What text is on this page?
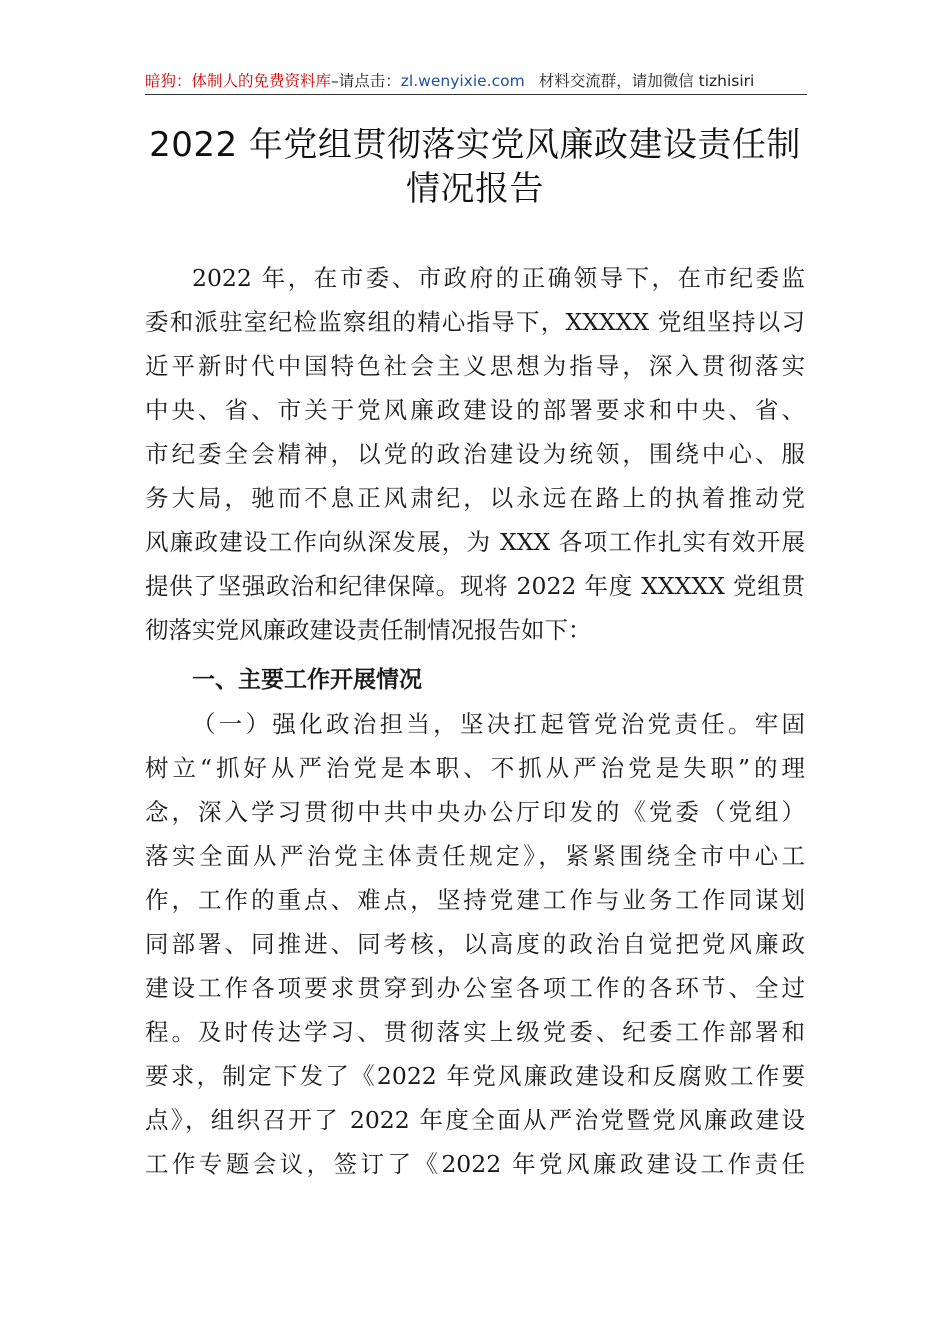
暗狗：体制人的免费资料库–请点击：zl.wenyixie.com 材料交流群，请加微信 tizhisiri
2022 年党组贯彻落实党风廉政建设责任制
情况报告
2022 年，在市委、市政府的正确领导下，在市纪委监
委和派驻室纪检监察组的精心指导下，XXXXX 党组坚持以习
近平新时代中国特色社会主义思想为指导，深入贯彻落实
中央、省、市关于党风廉政建设的部署要求和中央、省、
市纪委全会精神，以党的政治建设为统领，围绕中心、服
务大局，驰而不息正风肃纪，以永远在路上的执着推动党
风廉政建设工作向纵深发展，为 XXX 各项工作扎实有效开展
提供了坚强政治和纪律保障。现将 2022 年度 XXXXX 党组贯
彻落实党风廉政建设责任制情况报告如下：
一、主要工作开展情况
（一）强化政治担当，坚决扛起管党治党责任。牢固
树立“抓好从严治党是本职、不抓从严治党是失职”的理
念，深入学习贯彻中共中央办公厅印发的《党委（党组）
落实全面从严治党主体责任规定》，紧紧围绕全市中心工
作，工作的重点、难点，坚持党建工作与业务工作同谋划
同部署、同推进、同考核，以高度的政治自觉把党风廉政
建设工作各项要求贯穿到办公室各项工作的各环节、全过
程。及时传达学习、贯彻落实上级党委、纪委工作部署和
要求，制定下发了《2022 年党风廉政建设和反腐败工作要
点》，组织召开了 2022 年度全面从严治党暨党风廉政建设
工作专题会议，签订了《2022 年党风廉政建设工作责任
